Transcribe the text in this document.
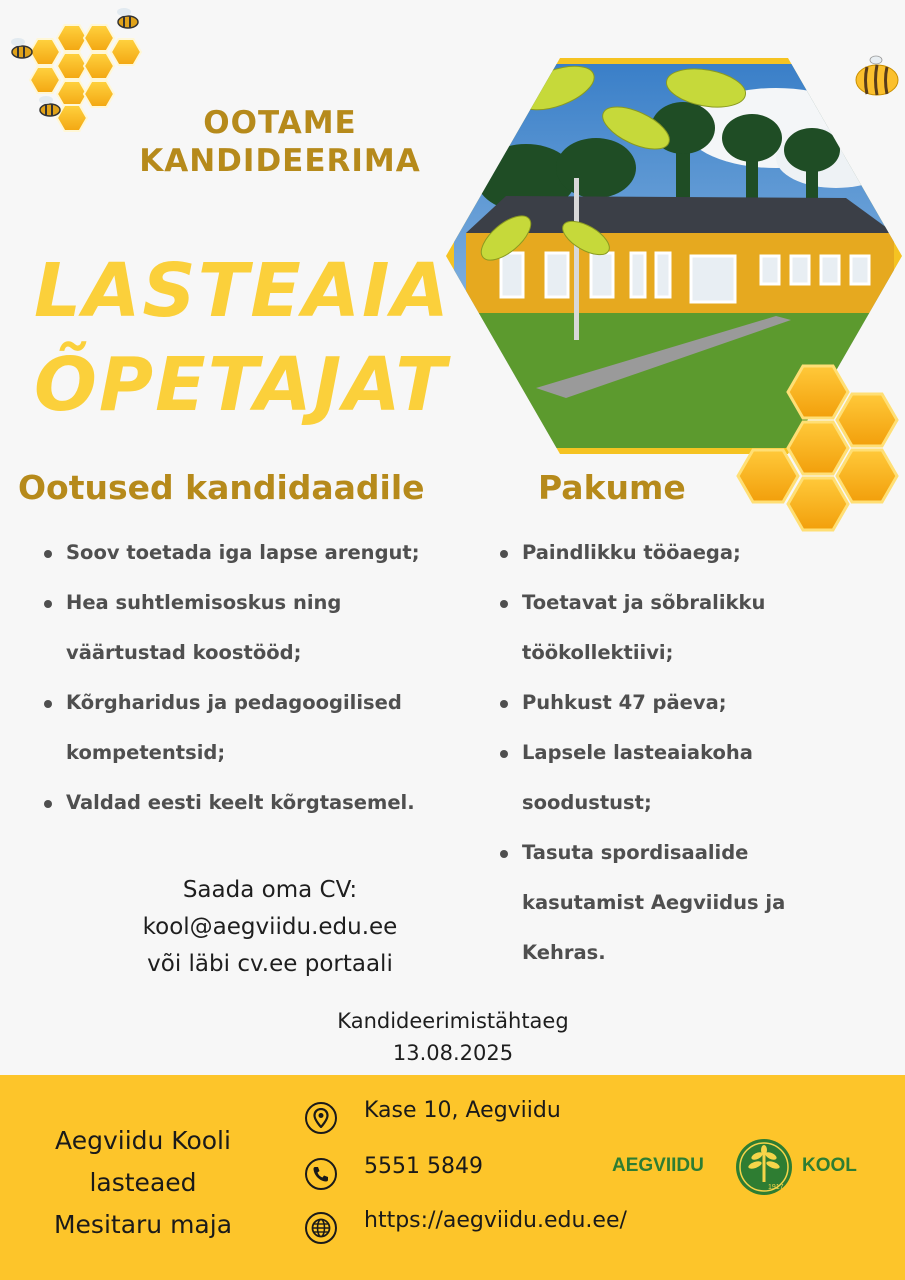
OOTAME
KANDIDEERIMA
LASTEAIA
ÕPETAJAT
Ootused kandidaadile
Soov toetada iga lapse arengut;
Hea suhtlemisoskus ning
väärtustad koostööd;
Kõrgharidus ja pedagoogilised
kompetentsid;
Valdad eesti keelt kõrgtasemel.
Pakume
Paindlikku tööaega;
Toetavat ja sõbralikku
töökollektiivi;
Puhkust 47 päeva;
Lapsele lasteaiakoha
soodustust;
Tasuta spordisaalide
kasutamist Aegviidus ja
Kehras.
Saada oma CV:
kool@aegviidu.edu.ee
või läbi cv.ee portaali
Kandideerimistähtaeg
13.08.2025
Aegviidu Kooli
lasteaed
Mesitaru maja
Kase 10, Aegviidu
5551 5849
https://aegviidu.edu.ee/
AEGVIIDU
1917
KOOL
